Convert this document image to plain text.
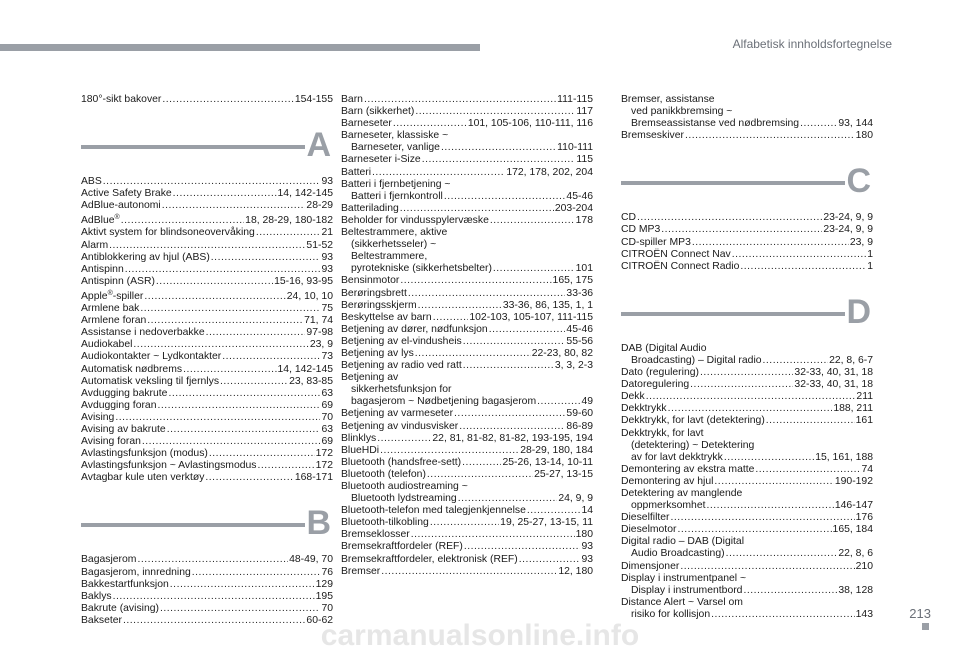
Alfabetisk innholdsfortegnelse
180°-sikt bakover .....	154-155
A
ABS .....	93
Active Safety Brake .....	14, 142-145
AdBlue-autonomi .....	28-29
AdBlue® .....	18, 28-29, 180-182
Aktivt system for blindsoneovervåking .....	21
Alarm .....	51-52
Antiblokkering av hjul (ABS) .....	93
Antispinn .....	93
Antispinn (ASR) .....	15-16, 93-95
Apple®-spiller .....	24, 10, 10
Armlene bak .....	75
Armlene foran .....	71, 74
Assistanse i nedoverbakke .....	97-98
Audiokabel .....	23, 9
Audiokontakter ~ Lydkontakter .....	73
Automatisk nødbrems .....	14, 142-145
Automatisk veksling til fjernlys .....	23, 83-85
Avdugging bakrute .....	63
Avdugging foran .....	69
Avising .....	70
Avising av bakrute .....	63
Avising foran .....	69
Avlastingsfunksjon (modus) .....	172
Avlastingsfunksjon ~ Avlastingsmodus .....	172
Avtagbar kule uten verktøy .....	168-171
B
Bagasjerom .....	48-49, 70
Bagasjerom, innredning .....	76
Bakkestartfunksjon .....	129
Baklys .....	195
Bakrute (avising) .....	70
Bakseter .....	60-62
Barn .....	111-115
Barn (sikkerhet) .....	117
Barneseter .....	101, 105-106, 110-111, 116
Barneseter, klassiske ~
Barneseter, vanlige .....	110-111
Barneseter i-Size .....	115
Batteri .....	172, 178, 202, 204
Batteri i fjernbetjening ~
Batteri i fjernkontroll .....	45-46
Batterilading .....	203-204
Beholder for vindusspylervæske .....	178
Beltestrammere, aktive
(sikkerhetsseler) ~
Beltestrammere,
pyrotekniske (sikkerhetsbelter) .....	101
Bensinmotor .....	165, 175
Berøringsbrett .....	33-36
Berøringsskjerm .....	33-36, 86, 135, 1, 1
Beskyttelse av barn .....	102-103, 105-107, 111-115
Betjening av dører, nødfunksjon .....	45-46
Betjening av el-vindusheis .....	55-56
Betjening av lys .....	22-23, 80, 82
Betjening av radio ved ratt .....	3, 3, 2-3
Betjening av
sikkerhetsfunksjon for
bagasjerom ~ Nødbetjening bagasjerom .....	49
Betjening av varmeseter .....	59-60
Betjening av vindusvisker .....	86-89
Blinklys .....	22, 81, 81-82, 81-82, 193-195, 194
BlueHDi .....	28-29, 180, 184
Bluetooth (handsfree-sett) .....	25-26, 13-14, 10-11
Bluetooth (telefon) .....	25-27, 13-15
Bluetooth audiostreaming ~
Bluetooth lydstreaming .....	24, 9, 9
Bluetooth-telefon med talegjenkjennelse .....	14
Bluetooth-tilkobling .....	19, 25-27, 13-15, 11
Bremseklosser .....	180
Bremsekraftfordeler (REF) .....	93
Bremsekraftfordeler, elektronisk (REF) .....	93
Bremser .....	12, 180
Bremser, assistanse
ved panikkbremsing ~
Bremseassistanse ved nødbremsing .....	93, 144
Bremseskiver .....	180
C
CD .....	23-24, 9, 9
CD MP3 .....	23-24, 9, 9
CD-spiller MP3 .....	23, 9
CITROËN Connect Nav .....	1
CITROËN Connect Radio .....	1
D
DAB (Digital Audio
Broadcasting) – Digital radio .....	22, 8, 6-7
Dato (regulering) .....	32-33, 40, 31, 18
Datoregulering .....	32-33, 40, 31, 18
Dekk .....	211
Dekktrykk .....	188, 211
Dekktrykk, for lavt (detektering) .....	161
Dekktrykk, for lavt
(detektering) ~ Detektering
av for lavt dekktrykk .....	15, 161, 188
Demontering av ekstra matte .....	74
Demontering av hjul .....	190-192
Detektering av manglende
oppmerksomhet .....	146-147
Dieselfilter .....	176
Dieselmotor .....	165, 184
Digital radio – DAB (Digital
Audio Broadcasting) .....	22, 8, 6
Dimensjoner .....	210
Display i instrumentpanel ~
Display i instrumentbord .....	38, 128
Distance Alert ~ Varsel om
risiko for kollisjon .....	143
carmanualsonline.info
213
